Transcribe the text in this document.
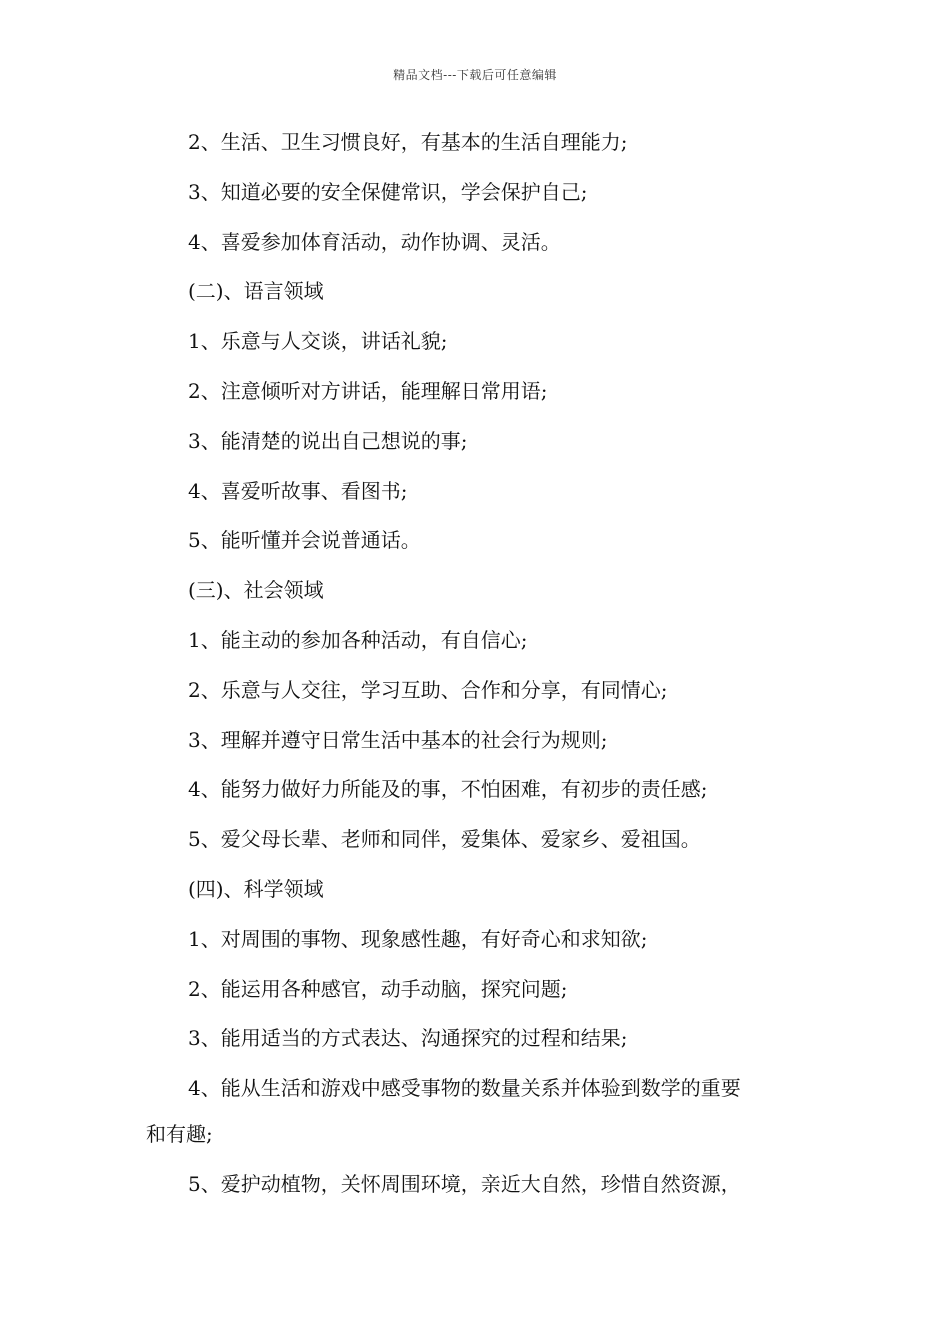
精品文档---下载后可任意编辑
2、生活、卫生习惯良好，有基本的生活自理能力;
3、知道必要的安全保健常识，学会保护自己;
4、喜爱参加体育活动，动作协调、灵活。
(二)、语言领域
1、乐意与人交谈，讲话礼貌;
2、注意倾听对方讲话，能理解日常用语;
3、能清楚的说出自己想说的事;
4、喜爱听故事、看图书;
5、能听懂并会说普通话。
(三)、社会领域
1、能主动的参加各种活动，有自信心;
2、乐意与人交往，学习互助、合作和分享，有同情心;
3、理解并遵守日常生活中基本的社会行为规则;
4、能努力做好力所能及的事，不怕困难，有初步的责任感;
5、爱父母长辈、老师和同伴，爱集体、爱家乡、爱祖国。
(四)、科学领域
1、对周围的事物、现象感性趣，有好奇心和求知欲;
2、能运用各种感官，动手动脑，探究问题;
3、能用适当的方式表达、沟通探究的过程和结果;
4、能从生活和游戏中感受事物的数量关系并体验到数学的重要
和有趣;
5、爱护动植物，关怀周围环境，亲近大自然，珍惜自然资源，
